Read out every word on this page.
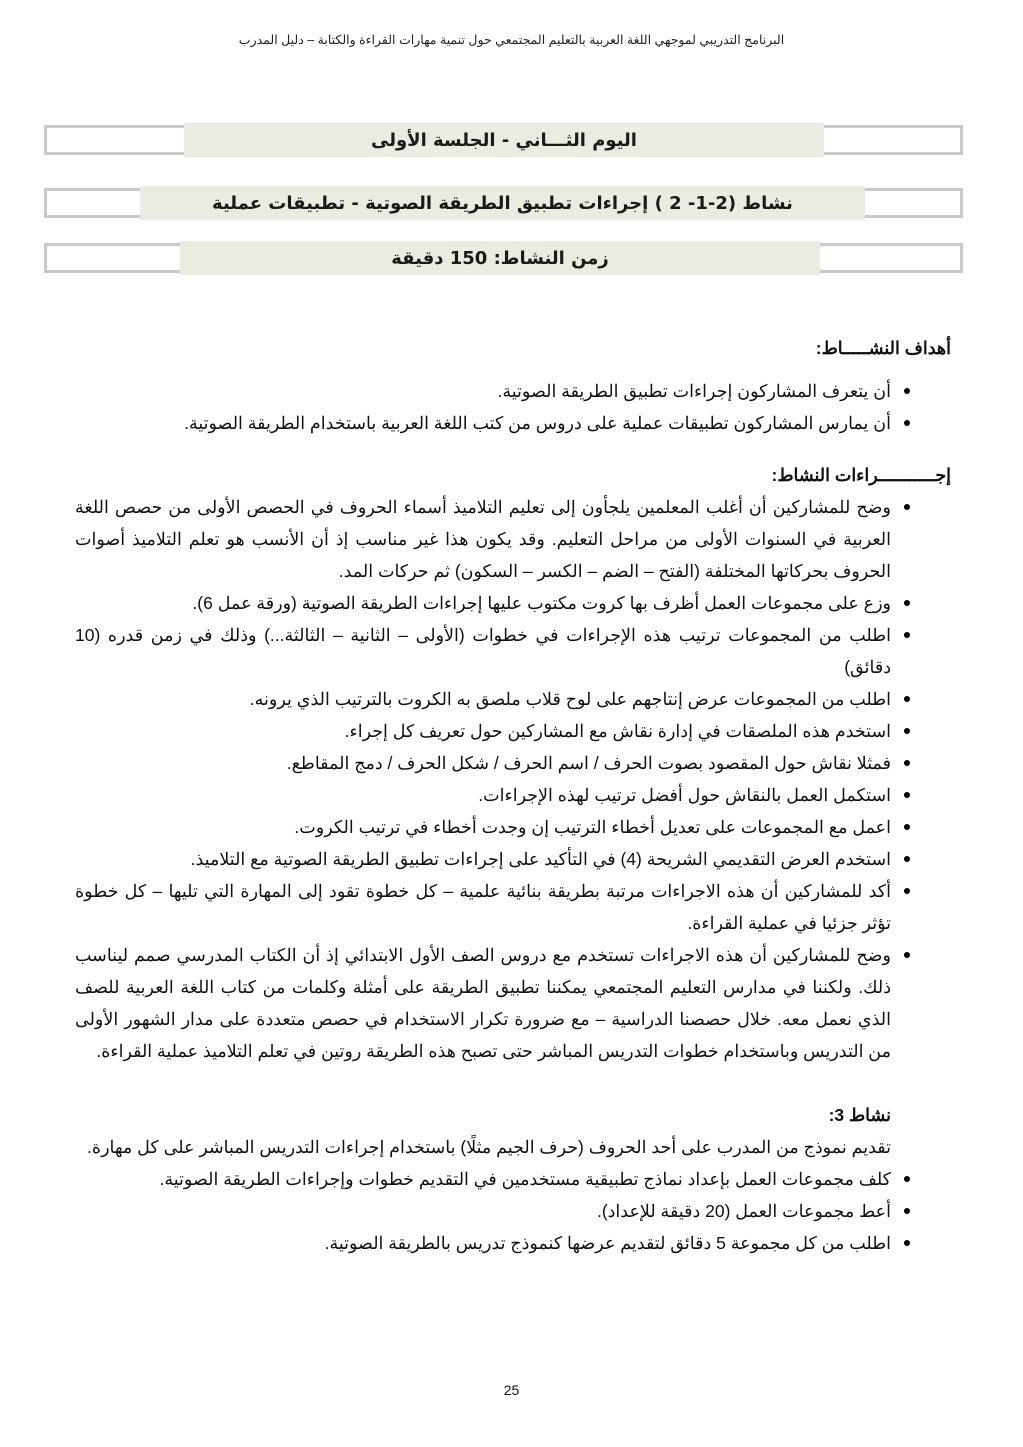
البرنامج التدريبي لموجهي اللغة العربية بالتعليم المجتمعي حول تنمية مهارات القراءة والكتابة – دليل المدرب
اليوم الثـــاني - الجلسة الأولى
نشاط (2-1- 2 ) إجراءات تطبيق الطريقة الصوتية - تطبيقات عملية
زمن النشاط: 150 دقيقة

أهداف النشـــــاط:

أن يتعرف المشاركون إجراءات تطبيق الطريقة الصوتية.
أن يمارس المشاركون تطبيقات عملية على دروس من كتب اللغة العربية باستخدام الطريقة الصوتية.

إجـــــــــــراءات النشاط:

وضح للمشاركين أن أغلب المعلمين يلجأون إلى تعليم التلاميذ أسماء الحروف في الحصص الأولى من حصص اللغة العربية في السنوات الأولى من مراحل التعليم. وقد يكون هذا غير مناسب إذ أن الأنسب هو تعلم التلاميذ أصوات الحروف بحركاتها المختلفة (الفتح – الضم – الكسر – السكون) ثم حركات المد.
وزع على مجموعات العمل أظرف بها كروت مكتوب عليها إجراءات الطريقة الصوتية (ورقة عمل 6).
اطلب من المجموعات ترتيب هذه الإجراءات في خطوات (الأولى – الثانية – الثالثة...) وذلك في زمن قدره (10 دقائق)
اطلب من المجموعات عرض إنتاجهم على لوح قلاب ملصق به الكروت بالترتيب الذي يرونه.
استخدم هذه الملصقات في إدارة نقاش مع المشاركين حول تعريف كل إجراء.
فمثلا نقاش حول المقصود بصوت الحرف / اسم الحرف / شكل الحرف / دمج المقاطع.
استكمل العمل بالنقاش حول أفضل ترتيب لهذه الإجراءات.
اعمل مع المجموعات على تعديل أخطاء الترتيب إن وجدت أخطاء في ترتيب الكروت.
استخدم العرض التقديمي الشريحة (4) في التأكيد على إجراءات تطبيق الطريقة الصوتية مع التلاميذ.
أكد للمشاركين أن هذه الاجراءات مرتبة بطريقة بنائية علمية – كل خطوة تقود إلى المهارة التي تليها – كل خطوة تؤثر جزئيا في عملية القراءة.
وضح للمشاركين أن هذه الاجراءات تستخدم مع دروس الصف الأول الابتدائي إذ أن الكتاب المدرسي صمم ليناسب ذلك. ولكننا في مدارس التعليم المجتمعي يمكننا تطبيق الطريقة على أمثلة وكلمات من كتاب اللغة العربية للصف الذي نعمل معه. خلال حصصنا الدراسية – مع ضرورة تكرار الاستخدام في حصص متعددة على مدار الشهور الأولى من التدريس وباستخدام خطوات التدريس المباشر حتى تصبح هذه الطريقة روتين في تعلم التلاميذ عملية القراءة.

نشاط 3:

تقديم نموذج من المدرب على أحد الحروف (حرف الجيم مثلًا) باستخدام إجراءات التدريس المباشر على كل مهارة.

كلف مجموعات العمل بإعداد نماذج تطبيقية مستخدمين في التقديم خطوات وإجراءات الطريقة الصوتية.
أعط مجموعات العمل (20 دقيقة للإعداد).
اطلب من كل مجموعة 5 دقائق لتقديم عرضها كنموذج تدريس بالطريقة الصوتية.
25
